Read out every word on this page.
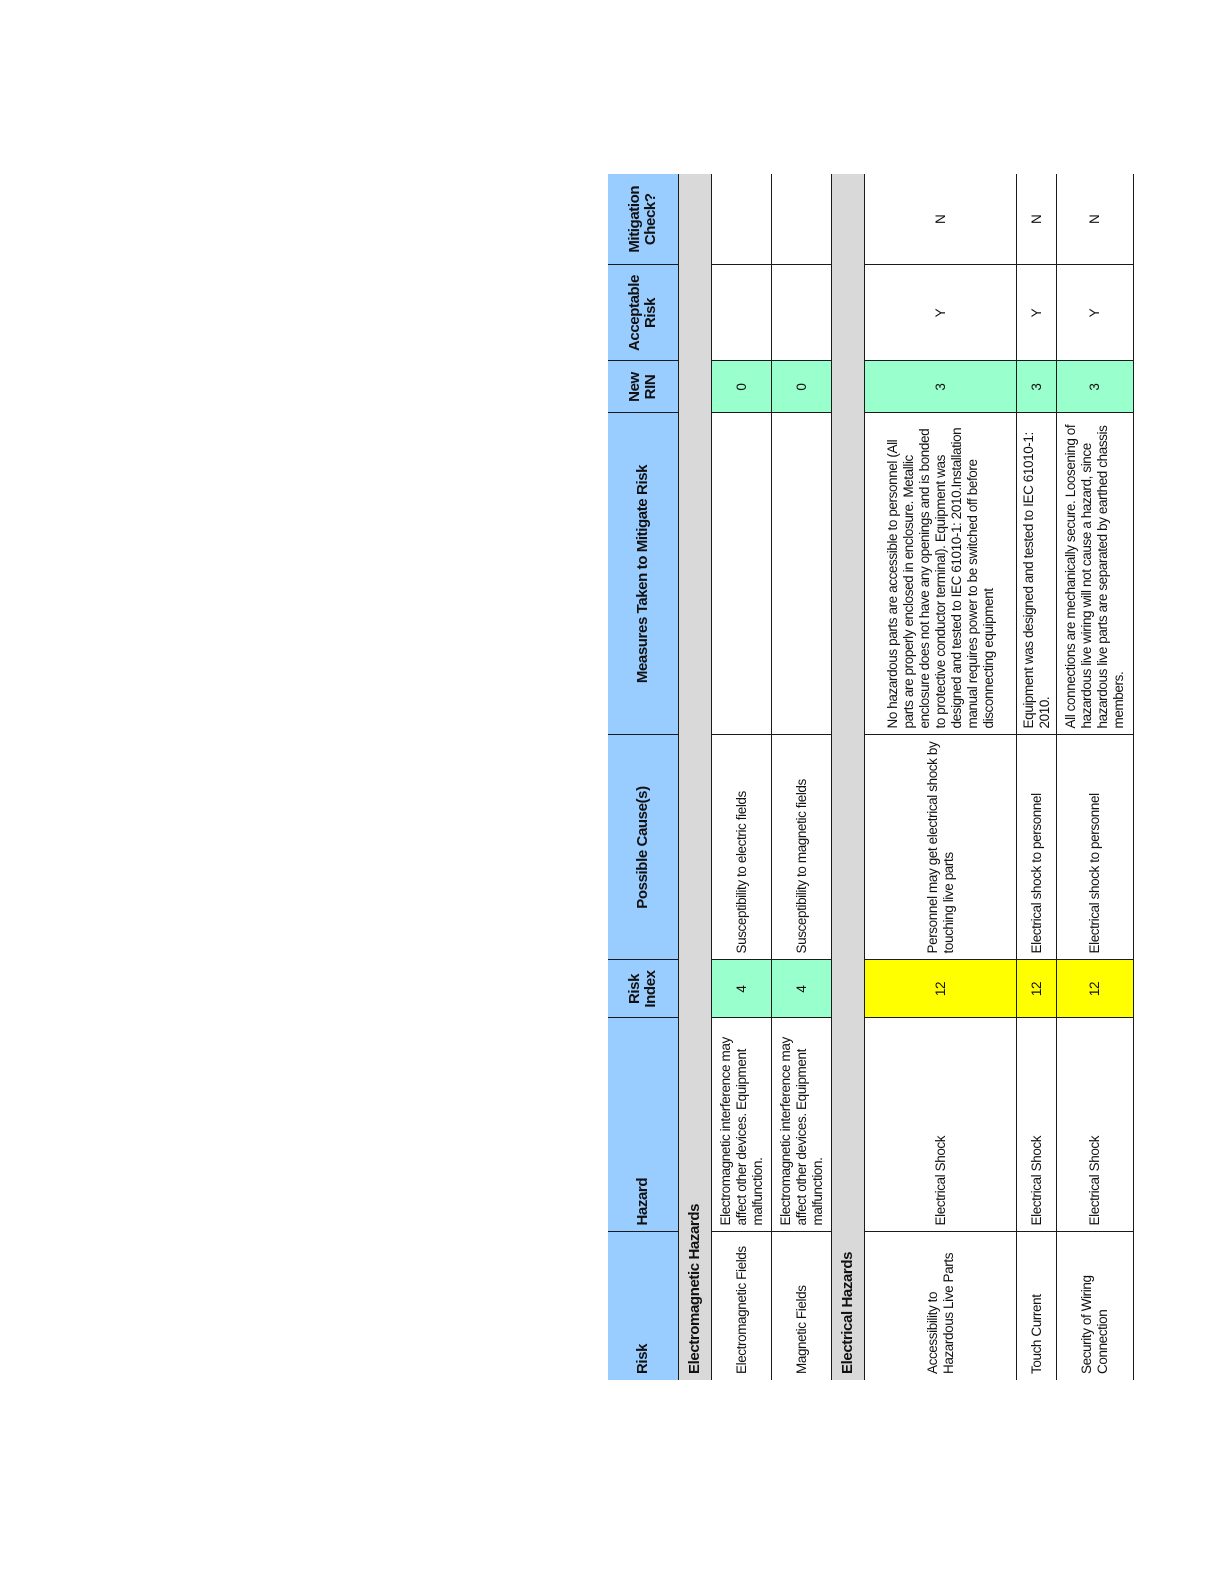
Risk	Hazard	Risk Index	Possible Cause(s)	Measures Taken to Mitigate Risk	New RIN	Acceptable Risk	Mitigation Check?
Electromagnetic Hazards							
Electromagnetic Fields	Electromagnetic interference may affect other devices. Equipment malfunction.	4	Susceptibility to electric fields		0		
Magnetic Fields	Electromagnetic interference may affect other devices. Equipment malfunction.	4	Susceptibility to magnetic fields		0		
Electrical Hazards							
Accessibility to Hazardous Live Parts	Electrical Shock	12	Personnel may get electrical shock by touching live parts	No hazardous parts are accessible to personnel (All parts are properly enclosed in enclosure. Metallic enclosure does not have any openings and is bonded to protective conductor terminal). Equipment was designed and tested to IEC 61010-1: 2010.Installation manual requires power to be switched off before disconnecting equipment	3	Y	N
Touch Current	Electrical Shock	12	Electrical shock to personnel	Equipment was designed and tested to IEC 61010-1: 2010.	3	Y	N
Security of Wiring Connection	Electrical Shock	12	Electrical shock to personnel	All connections are mechanically secure. Loosening of hazardous live wiring will not cause a hazard, since hazardous live parts are separated by earthed chassis members.	3	Y	N
